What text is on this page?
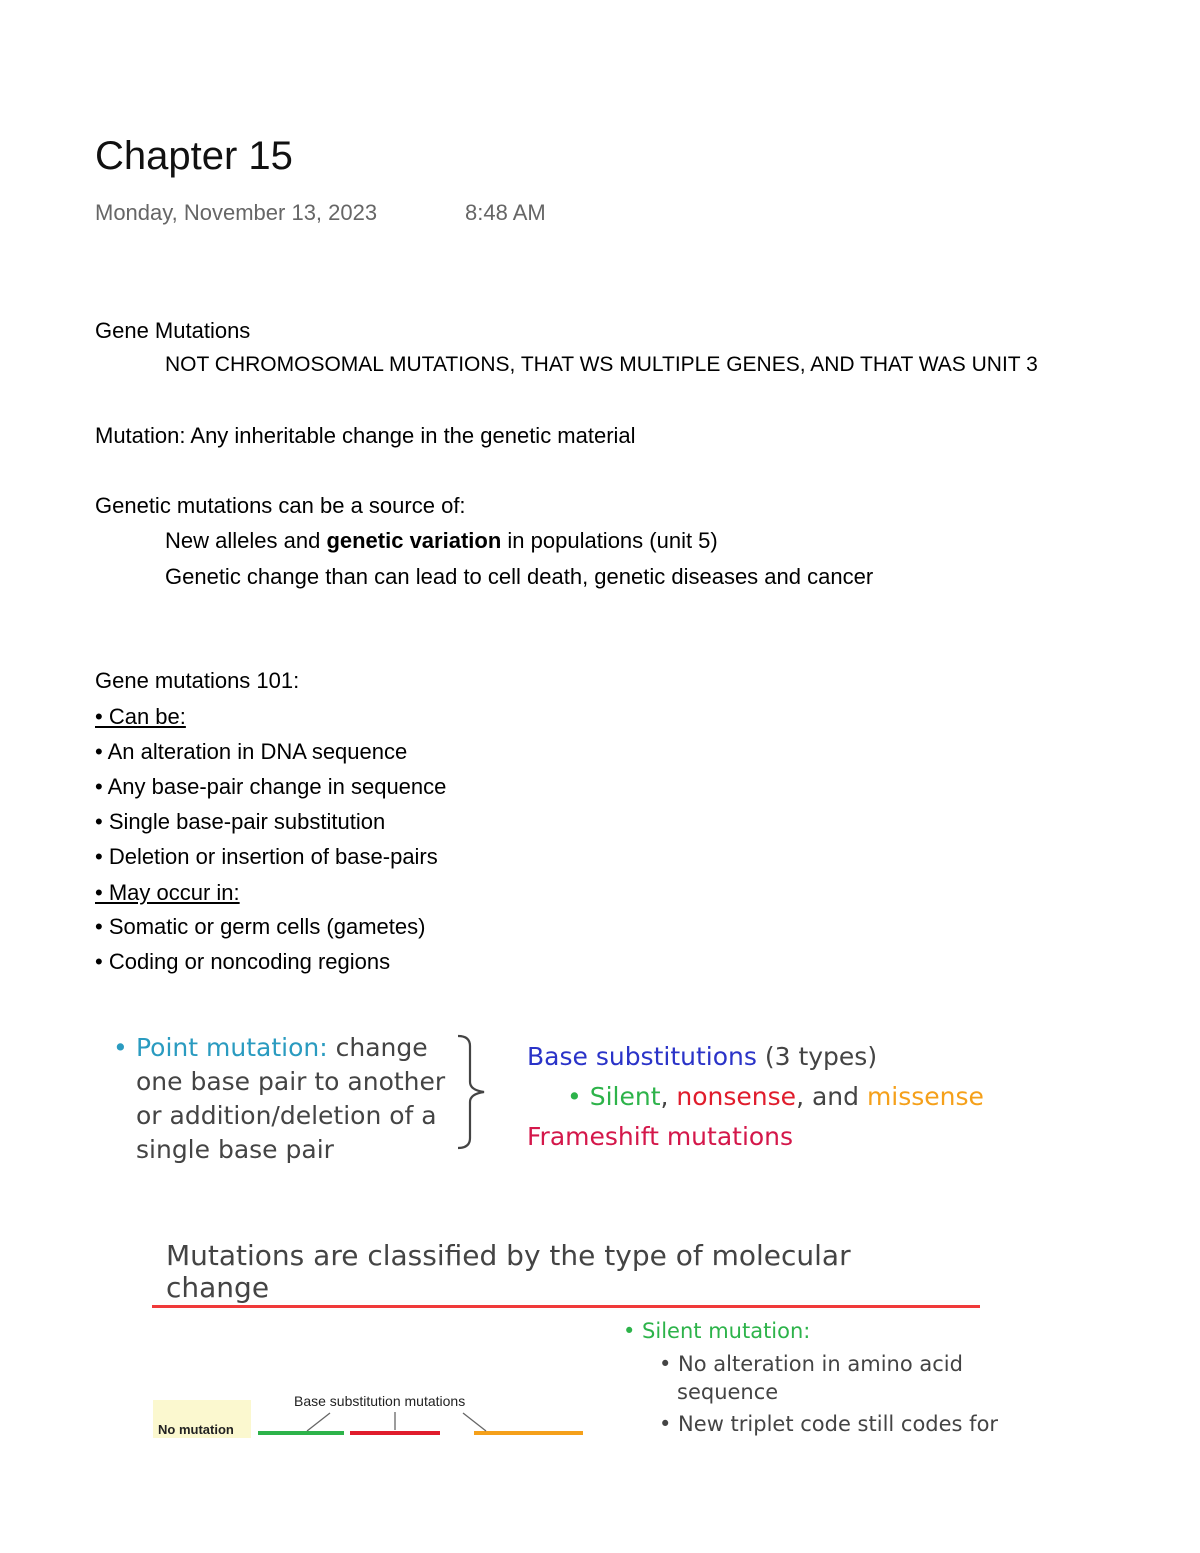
Chapter 15
Monday, November 13, 2023	8:48 AM
Gene Mutations
NOT CHROMOSOMAL MUTATIONS, THAT WS MULTIPLE GENES, AND THAT WAS UNIT 3
Mutation: Any inheritable change in the genetic material
Genetic mutations can be a source of:
New alleles and genetic variation in populations (unit 5)
Genetic change than can lead to cell death, genetic diseases and cancer
Gene mutations 101:
• Can be:
• An alteration in DNA sequence
• Any base-pair change in sequence
• Single base-pair substitution
• Deletion or insertion of base-pairs
• May occur in:
• Somatic or germ cells (gametes)
• Coding or noncoding regions
• Point mutation: change
one base pair to another
or addition/deletion of a
single base pair
Base substitutions (3 types)
• Silent, nonsense, and missense
Frameshift mutations
Mutations are classified by the type of molecular
change
• Silent mutation:
• No alteration in amino acid
sequence
• New triplet code still codes for
No mutation
Base substitution mutations
